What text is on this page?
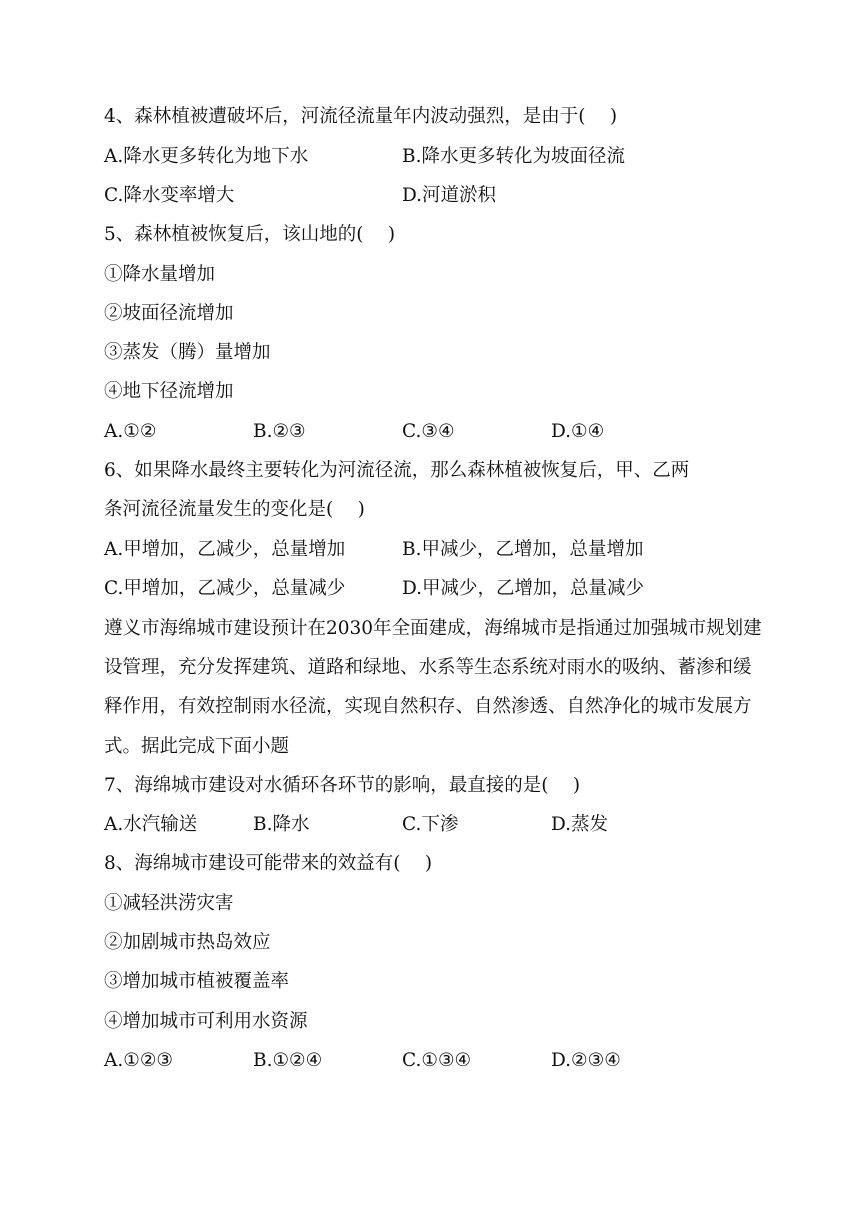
4、森林植被遭破坏后，河流径流量年内波动强烈，是由于(　 )
A.降水更多转化为地下水	B.降水更多转化为坡面径流
C.降水变率增大	D.河道淤积
5、森林植被恢复后，该山地的(　 )
①降水量增加
②坡面径流增加
③蒸发（腾）量增加
④地下径流增加
A.①②	B.②③	C.③④	D.①④
6、如果降水最终主要转化为河流径流，那么森林植被恢复后，甲、乙两
条河流径流量发生的变化是(　 )
A.甲增加，乙减少，总量增加	B.甲减少，乙增加，总量增加
C.甲增加，乙减少，总量减少	D.甲减少，乙增加，总量减少
遵义市海绵城市建设预计在2030年全面建成，海绵城市是指通过加强城市规划建设管理，充分发挥建筑、道路和绿地、水系等生态系统对雨水的吸纳、蓄渗和缓释作用，有效控制雨水径流，实现自然积存、自然渗透、自然净化的城市发展方式。据此完成下面小题
7、海绵城市建设对水循环各环节的影响，最直接的是(　 )
A.水汽输送	B.降水	C.下渗	D.蒸发
8、海绵城市建设可能带来的效益有(　 )
①减轻洪涝灾害
②加剧城市热岛效应
③增加城市植被覆盖率
④增加城市可利用水资源
A.①②③	B.①②④	C.①③④	D.②③④
